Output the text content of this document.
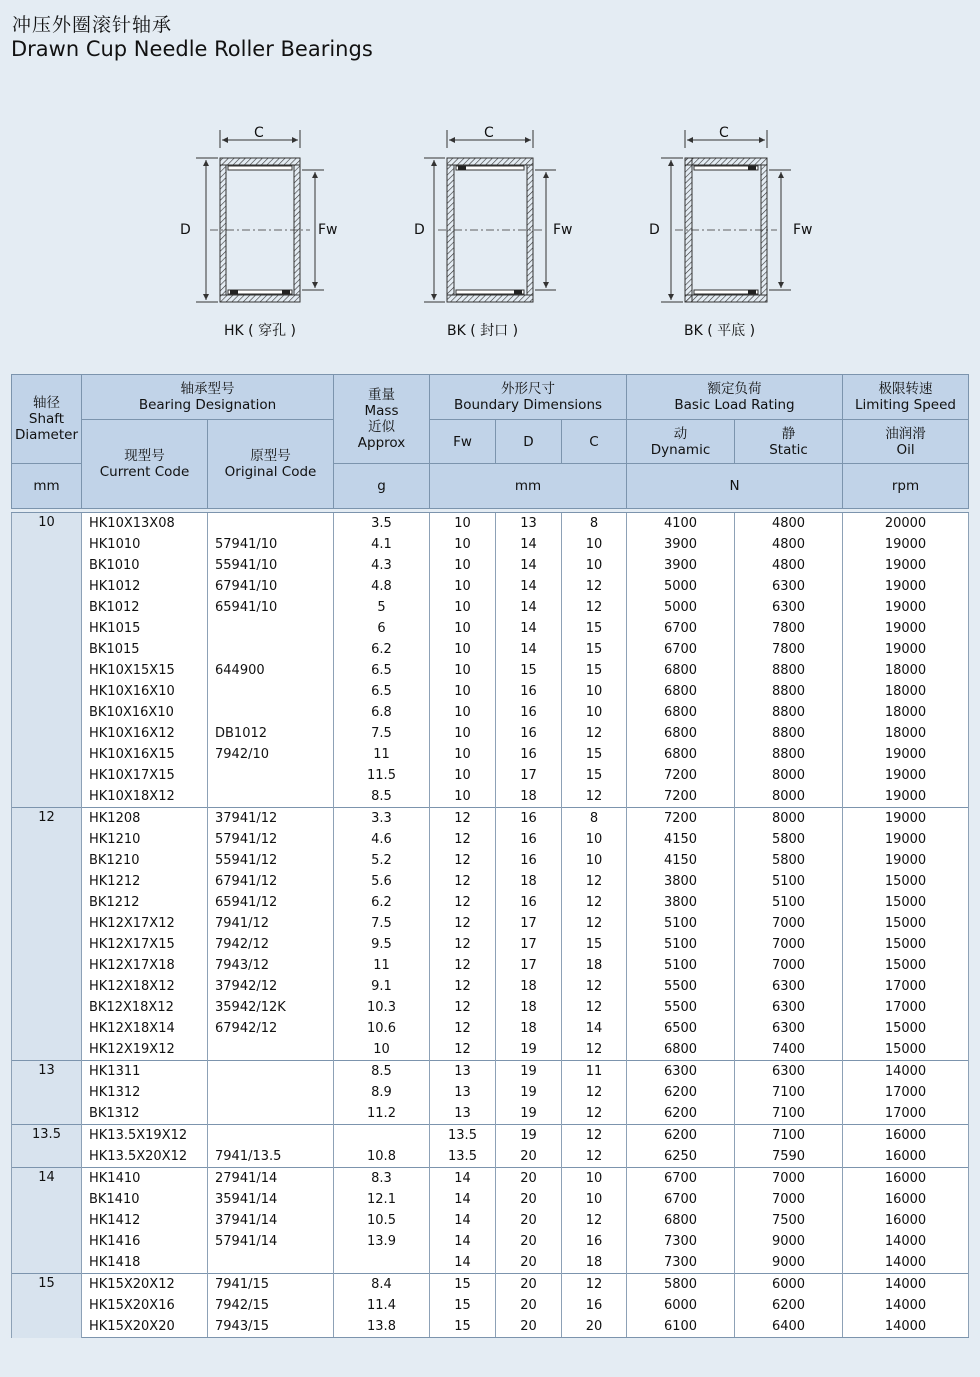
冲压外圈滚针轴承
Drawn Cup Needle Roller Bearings
D
C
Fw
HK ( 穿孔 )
D
C
Fw
BK ( 封口 )
D
C
Fw
BK ( 平底 )
轴径
Shaft
Diameter	轴承型号
Bearing Designation		重量
Mass
近似
Approx	外形尺寸
Boundary Dimensions			额定负荷
Basic Load Rating		极限转速
Limiting Speed

	现型号
Current Code	原型号
Original Code		Fw	D	C	动
Dynamic	静
Static	油润滑
Oil

mm			g	mm			N		rpm

10	HK10X13X08		3.5	10	13	8	4100	4800	20000
	HK1010	57941/10	4.1	10	14	10	3900	4800	19000
	BK1010	55941/10	4.3	10	14	10	3900	4800	19000
	HK1012	67941/10	4.8	10	14	12	5000	6300	19000
	BK1012	65941/10	5	10	14	12	5000	6300	19000
	HK1015		6	10	14	15	6700	7800	19000
	BK1015		6.2	10	14	15	6700	7800	19000
	HK10X15X15	644900	6.5	10	15	15	6800	8800	18000
	HK10X16X10		6.5	10	16	10	6800	8800	18000
	BK10X16X10		6.8	10	16	10	6800	8800	18000
	HK10X16X12	DB1012	7.5	10	16	12	6800	8800	18000
	HK10X16X15	7942/10	11	10	16	15	6800	8800	19000
	HK10X17X15		11.5	10	17	15	7200	8000	19000
	HK10X18X12		8.5	10	18	12	7200	8000	19000
12	HK1208	37941/12	3.3	12	16	8	7200	8000	19000
	HK1210	57941/12	4.6	12	16	10	4150	5800	19000
	BK1210	55941/12	5.2	12	16	10	4150	5800	19000
	HK1212	67941/12	5.6	12	18	12	3800	5100	15000
	BK1212	65941/12	6.2	12	16	12	3800	5100	15000
	HK12X17X12	7941/12	7.5	12	17	12	5100	7000	15000
	HK12X17X15	7942/12	9.5	12	17	15	5100	7000	15000
	HK12X17X18	7943/12	11	12	17	18	5100	7000	15000
	HK12X18X12	37942/12	9.1	12	18	12	5500	6300	17000
	BK12X18X12	35942/12K	10.3	12	18	12	5500	6300	17000
	HK12X18X14	67942/12	10.6	12	18	14	6500	6300	15000
	HK12X19X12		10	12	19	12	6800	7400	15000
13	HK1311		8.5	13	19	11	6300	6300	14000
	HK1312		8.9	13	19	12	6200	7100	17000
	BK1312		11.2	13	19	12	6200	7100	17000
13.5	HK13.5X19X12			13.5	19	12	6200	7100	16000
	HK13.5X20X12	7941/13.5	10.8	13.5	20	12	6250	7590	16000
14	HK1410	27941/14	8.3	14	20	10	6700	7000	16000
	BK1410	35941/14	12.1	14	20	10	6700	7000	16000
	HK1412	37941/14	10.5	14	20	12	6800	7500	16000
	HK1416	57941/14	13.9	14	20	16	7300	9000	14000
	HK1418			14	20	18	7300	9000	14000
15	HK15X20X12	7941/15	8.4	15	20	12	5800	6000	14000
	HK15X20X16	7942/15	11.4	15	20	16	6000	6200	14000
	HK15X20X20	7943/15	13.8	15	20	20	6100	6400	14000
